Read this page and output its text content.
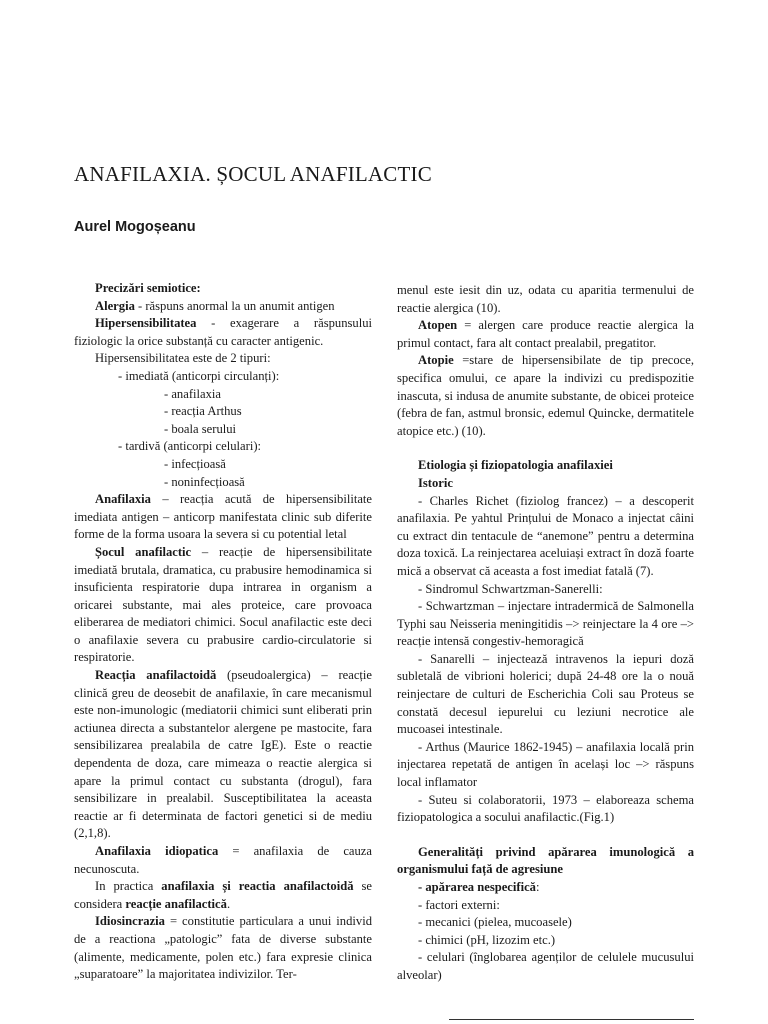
ANAFILAXIA. ȘOCUL ANAFILACTIC

Aurel Mogoșeanu

Precizări semiotice:

Alergia - răspuns anormal la un anumit antigen

Hipersensibilitatea - exagerare a răspunsului fiziologic la orice substanță cu caracter antigenic.

Hipersensibilitatea este de 2 tipuri:

- imediată (anticorpi circulanți):

- anafilaxia

- reacția Arthus

- boala serului

- tardivă (anticorpi celulari):

- infecțioasă

- noninfecțioasă

Anafilaxia – reacția acută de hipersensibilitate imediata antigen – anticorp manifestata clinic sub diferite forme de la forma usoara la severa si cu potential letal

Șocul anafilactic – reacție de hipersensibilitate imediată brutala, dramatica, cu prabusire hemodinamica si insuficienta respiratorie dupa intrarea in organism a oricarei substante, mai ales proteice, care provoaca eliberarea de mediatori chimici. Socul anafilactic este deci o anafilaxie severa cu prabusire cardio-circulatorie si respiratorie.

Reacția anafilactoidă (pseudoalergica) – reacție clinică greu de deosebit de anafilaxie, în care mecanismul este non-imunologic (mediatorii chimici sunt eliberati prin actiunea directa a substantelor alergene pe mastocite, fara sensibilizarea prealabila de catre IgE). Este o reactie dependenta de doza, care mimeaza o reactie alergica si apare la primul contact cu substanta (drogul), fara sensibilizare in prealabil. Susceptibilitatea la aceasta reactie ar fi determinata de factori genetici si de mediu (2,1,8).

Anafilaxia idiopatica = anafilaxia de cauza necunoscuta.

In practica anafilaxia și reactia anafilactoidă se considera reacție anafilactică.

Idiosincrazia = constitutie particulara a unui individ de a reactiona „patologic” fata de diverse substante (alimente, medicamente, polen etc.) fara expresie clinica „suparatoare” la majoritatea indivizilor. Ter-

menul este iesit din uz, odata cu aparitia termenului de reactie alergica (10).

Atopen = alergen care produce reactie alergica la primul contact, fara alt contact prealabil, pregatitor.

Atopie =stare de hipersensibilate de tip precoce, specifica omului, ce apare la indivizi cu predispozitie inascuta, si indusa de anumite substante, de obicei proteice (febra de fan, astmul bronsic, edemul Quincke, dermatitele atopice etc.) (10).

Etiologia și fiziopatologia anafilaxiei

Istoric

- Charles Richet (fiziolog francez) – a descoperit anafilaxia. Pe yahtul Prințului de Monaco a injectat câini cu extract din tentacule de “anemone” pentru a determina doza toxică. La reinjectarea aceluiași extract în doză foarte mică a observat că aceasta a fost imediat fatală (7).

- Sindromul Schwartzman-Sanerelli:

- Schwartzman – injectare intradermică de Salmonella Typhi sau Neisseria meningitidis –> reinjectare la 4 ore –> reacție intensă congestiv-hemoragică

- Sanarelli – injectează intravenos la iepuri doză subletală de vibrioni holerici; după 24-48 ore la o nouă reinjectare de culturi de Escherichia Coli sau Proteus se constată decesul iepurelui cu leziuni necrotice ale mucoasei intestinale.

- Arthus (Maurice 1862-1945) – anafilaxia locală prin injectarea repetată de antigen în același loc –> răspuns local inflamator

- Suteu si colaboratorii, 1973 – elaboreaza schema fiziopatologica a socului anafilactic.(Fig.1)

Generalități privind apărarea imunologică a organismului față de agresiune

- apărarea nespecifică:

- factori externi:

- mecanici (pielea, mucoasele)

- chimici (pH, lizozim etc.)

- celulari (înglobarea agenților de celulele mucusului alveolar)
